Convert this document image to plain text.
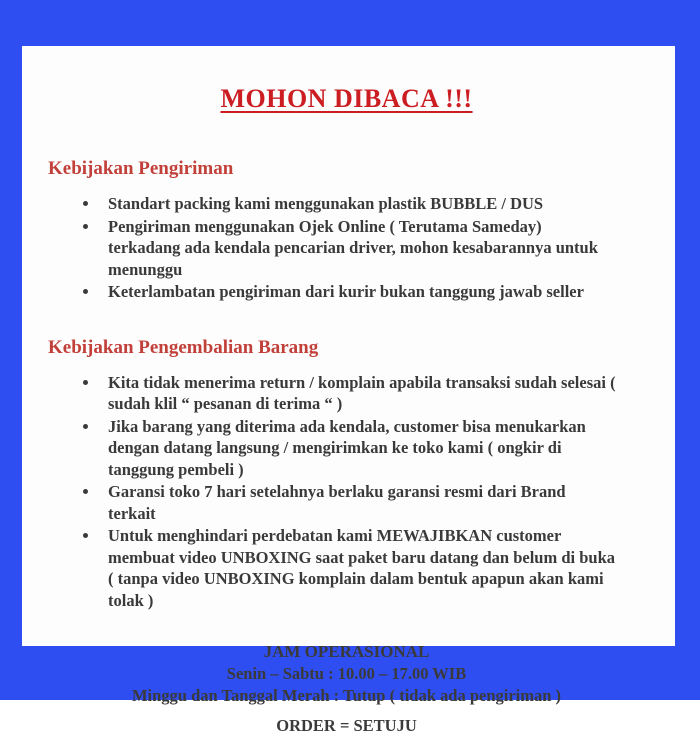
MOHON DIBACA !!!
Kebijakan Pengiriman
• Standart packing kami menggunakan plastik BUBBLE / DUS
• Pengiriman menggunakan Ojek Online ( Terutama Sameday) terkadang ada kendala pencarian driver, mohon kesabarannya untuk menunggu
• Keterlambatan pengiriman dari kurir bukan tanggung jawab seller
Kebijakan Pengembalian Barang
• Kita tidak menerima return / komplain apabila transaksi sudah selesai ( sudah klil “ pesanan di terima “ )
• Jika barang yang diterima ada kendala, customer bisa menukarkan dengan datang langsung / mengirimkan ke toko kami ( ongkir di tanggung pembeli )
• Garansi toko 7 hari setelahnya berlaku garansi resmi dari Brand terkait
• Untuk menghindari perdebatan kami MEWAJIBKAN customer membuat video UNBOXING saat paket baru datang dan belum di buka ( tanpa video UNBOXING komplain dalam bentuk apapun akan kami tolak )
JAM OPERASIONAL
Senin – Sabtu : 10.00 – 17.00 WIB
Minggu dan Tanggal Merah : Tutup ( tidak ada pengiriman )
ORDER = SETUJU
